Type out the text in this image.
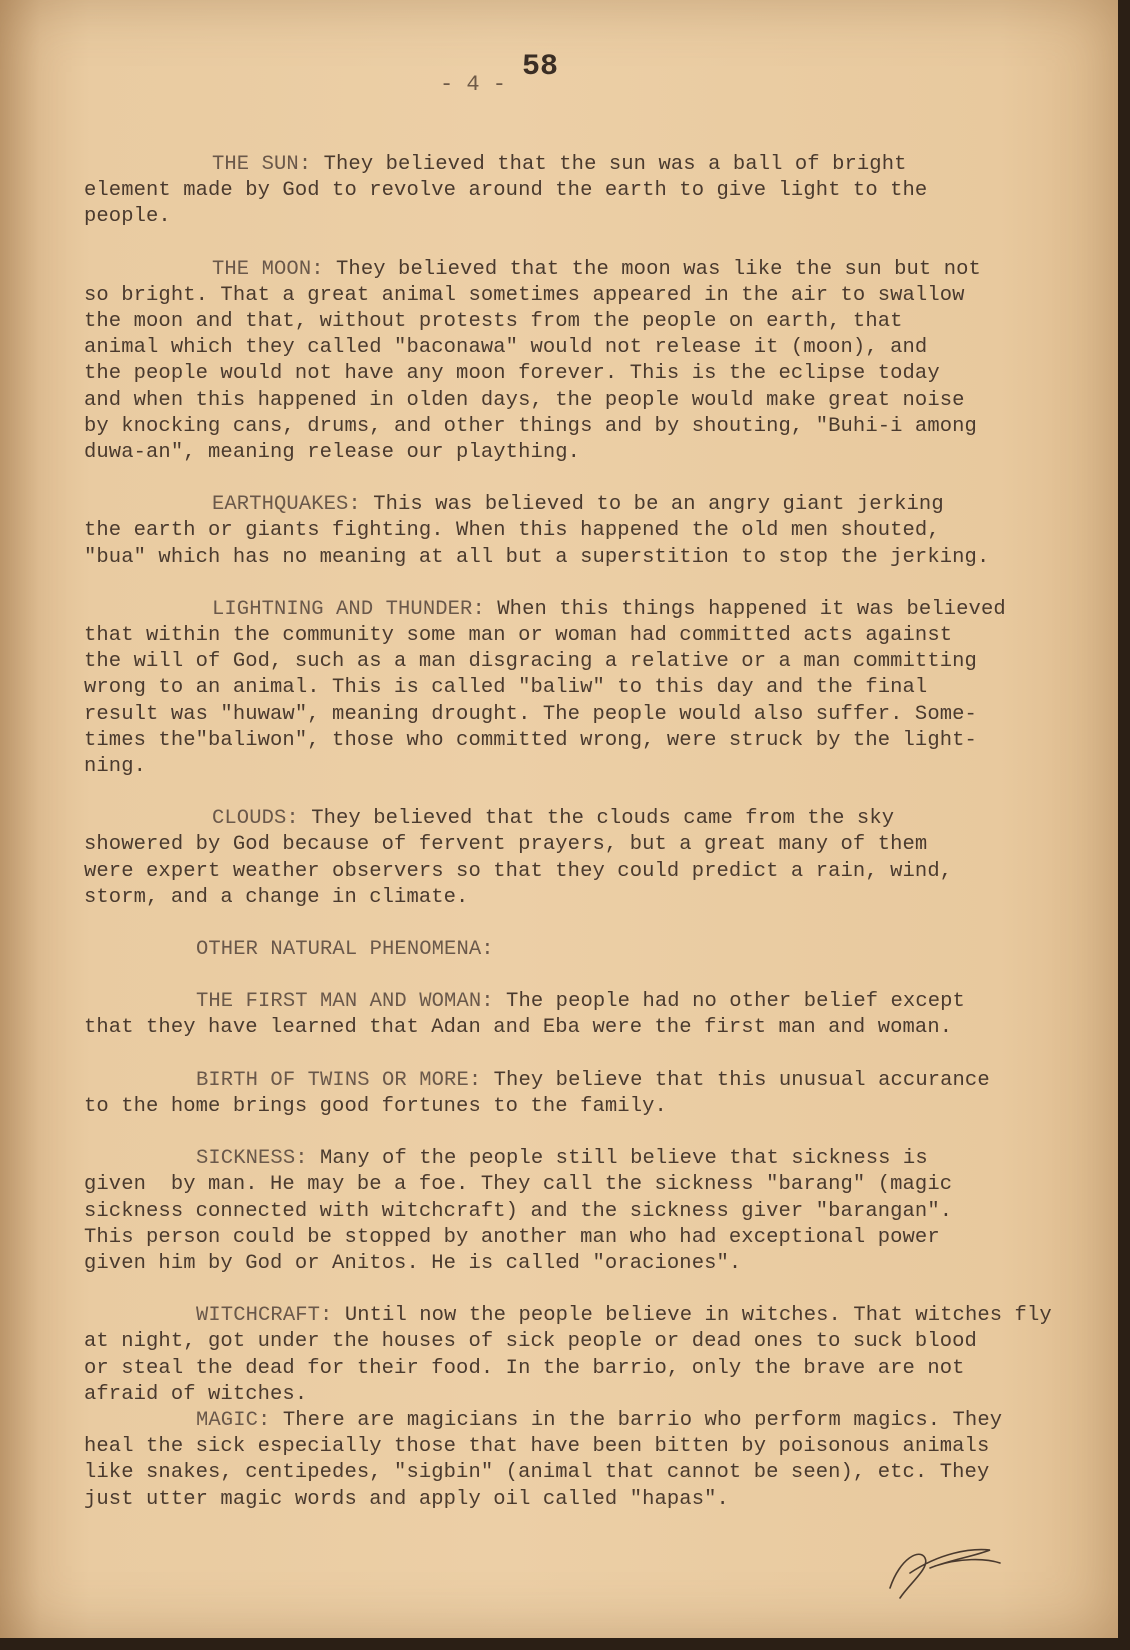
- 4 -
58
THE SUN: They believed that the sun was a ball of bright
element made by God to revolve around the earth to give light to the
people.
THE MOON: They believed that the moon was like the sun but not
so bright. That a great animal sometimes appeared in the air to swallow
the moon and that, without protests from the people on earth, that
animal which they called "baconawa" would not release it (moon), and
the people would not have any moon forever. This is the eclipse today
and when this happened in olden days, the people would make great noise
by knocking cans, drums, and other things and by shouting, "Buhi-i among
duwa-an", meaning release our plaything.
EARTHQUAKES: This was believed to be an angry giant jerking
the earth or giants fighting. When this happened the old men shouted,
"bua" which has no meaning at all but a superstition to stop the jerking.
LIGHTNING AND THUNDER: When this things happened it was believed
that within the community some man or woman had committed acts against
the will of God, such as a man disgracing a relative or a man committing
wrong to an animal. This is called "baliw" to this day and the final
result was "huwaw", meaning drought. The people would also suffer. Some-
times the"baliwon", those who committed wrong, were struck by the light-
ning.
CLOUDS: They believed that the clouds came from the sky
showered by God because of fervent prayers, but a great many of them
were expert weather observers so that they could predict a rain, wind,
storm, and a change in climate.
OTHER NATURAL PHENOMENA:
THE FIRST MAN AND WOMAN: The people had no other belief except
that they have learned that Adan and Eba were the first man and woman.
BIRTH OF TWINS OR MORE: They believe that this unusual accurance
to the home brings good fortunes to the family.
SICKNESS: Many of the people still believe that sickness is
given  by man. He may be a foe. They call the sickness "barang" (magic
sickness connected with witchcraft) and the sickness giver "barangan".
This person could be stopped by another man who had exceptional power
given him by God or Anitos. He is called "oraciones".
WITCHCRAFT: Until now the people believe in witches. That witches fly
at night, got under the houses of sick people or dead ones to suck blood
or steal the dead for their food. In the barrio, only the brave are not
afraid of witches.
MAGIC: There are magicians in the barrio who perform magics. They
heal the sick especially those that have been bitten by poisonous animals
like snakes, centipedes, "sigbin" (animal that cannot be seen), etc. They
just utter magic words and apply oil called "hapas".
